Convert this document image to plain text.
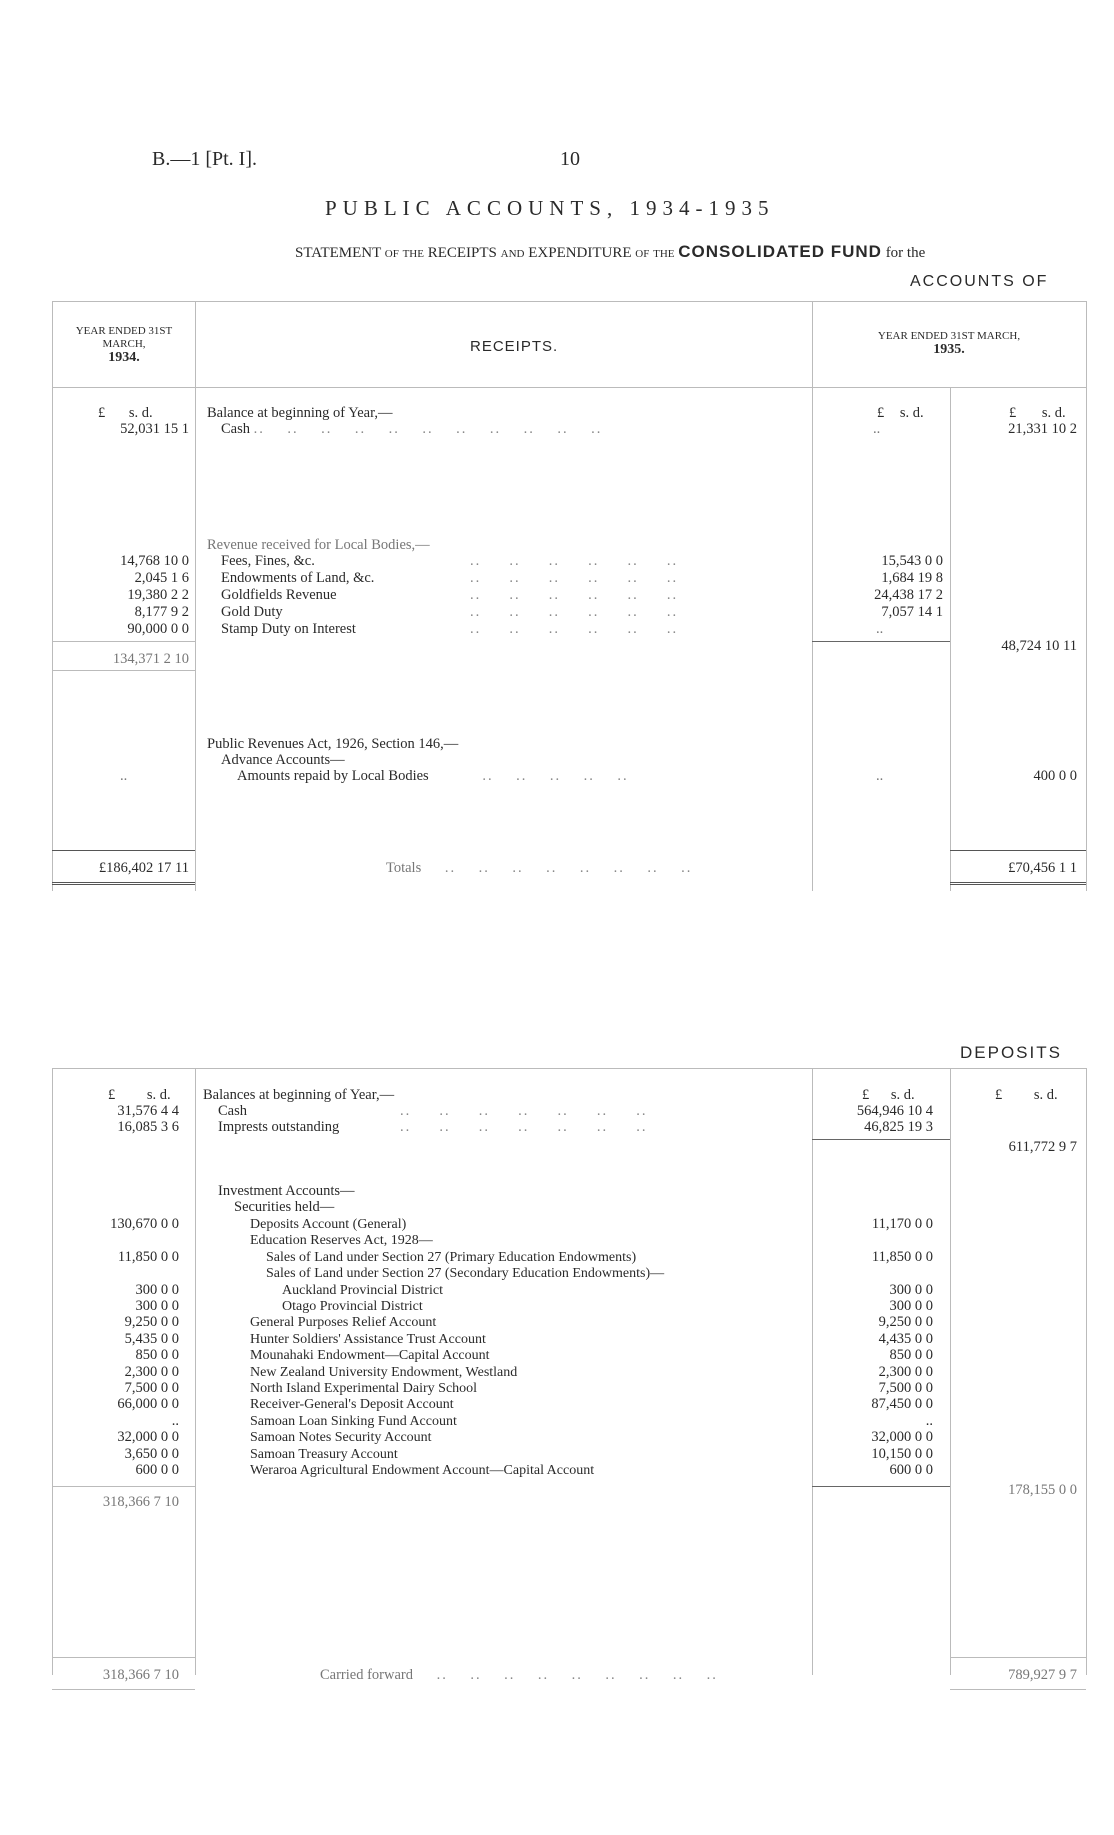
B.—1 [Pt. I].	10
PUBLIC ACCOUNTS, 1934-1935
STATEMENT of the RECEIPTS and EXPENDITURE of the CONSOLIDATED FUND for the
ACCOUNTS OF
YEAR ENDED 31ST MARCH,
1934.
RECEIPTS.
YEAR ENDED 31ST MARCH,
1935.
£ s. d.	£ s. d.	£ s. d.
Balance at beginning of Year,—
Cash ..    ..    ..    ..    ..    ..    ..    ..    ..    ..    ..
52,031 15 1	..	21,331 10 2
Revenue received for Local Bodies,—
Fees, Fines, &c.
14,768 10 0	15,543 0 0
Endowments of Land, &c.
2,045 1 6	1,684 19 8
Goldfields Revenue
19,380 2 2	24,438 17 2
Gold Duty
8,177 9 2	7,057 14 1
Stamp Duty on Interest
90,000 0 0	..
..     ..     ..     ..     ..     ..
..     ..     ..     ..     ..     ..
..     ..     ..     ..     ..     ..
..     ..     ..     ..     ..     ..
..     ..     ..     ..     ..     ..
134,371 2 10
48,724 10 11
Public Revenues Act, 1926, Section 146,—
Advance Accounts—
Amounts repaid by Local Bodies	..    ..    ..    ..    ..
..	..	400 0 0
£186,402 17 11	Totals ..    ..    ..    ..    ..    ..    ..    ..	£70,456 1 1
DEPOSITS
£ s. d.	£ s. d.	£ s. d.
Balances at beginning of Year,—
Cash
31,576 4 4	564,946 10 4
Imprests outstanding
16,085 3 6	46,825 19 3
..     ..     ..     ..     ..     ..     ..
..     ..     ..     ..     ..     ..     ..
611,772 9 7
Investment Accounts—
Securities held—
Deposits Account (General)
130,670 0 0	11,170 0 0
Education Reserves Act, 1928—
Sales of Land under Section 27 (Primary Education Endowments)
11,850 0 0	11,850 0 0
Sales of Land under Section 27 (Secondary Education Endowments)—
Auckland Provincial District
300 0 0	300 0 0
Otago Provincial District
300 0 0	300 0 0
General Purposes Relief Account
9,250 0 0	9,250 0 0
Hunter Soldiers' Assistance Trust Account
5,435 0 0	4,435 0 0
Mounahaki Endowment—Capital Account
850 0 0	850 0 0
New Zealand University Endowment, Westland
2,300 0 0	2,300 0 0
North Island Experimental Dairy School
7,500 0 0	7,500 0 0
Receiver-General's Deposit Account
66,000 0 0	87,450 0 0
Samoan Loan Sinking Fund Account
..	..
Samoan Notes Security Account
32,000 0 0	32,000 0 0
Samoan Treasury Account
3,650 0 0	10,150 0 0
Weraroa Agricultural Endowment Account—Capital Account
600 0 0	600 0 0
318,366 7 10
178,155 0 0
318,366 7 10	Carried forward ..    ..    ..    ..    ..    ..    ..    ..    ..	789,927 9 7
